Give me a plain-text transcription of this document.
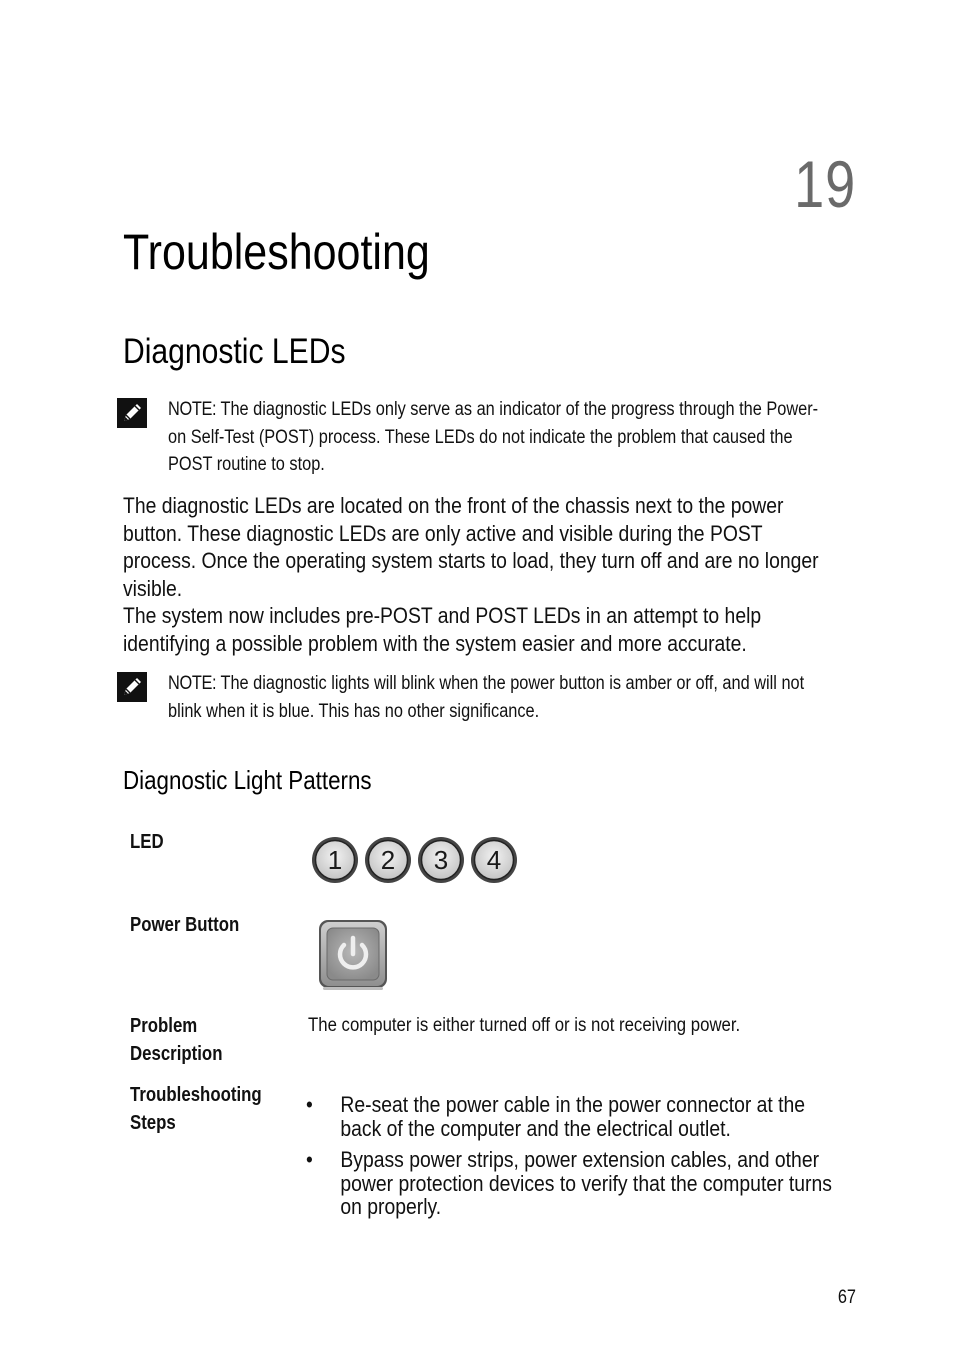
19
Troubleshooting
Diagnostic LEDs
NOTE: The diagnostic LEDs only serve as an indicator of the progress through the Power-on Self-Test (POST) process. These LEDs do not indicate the problem that caused the POST routine to stop.

The diagnostic LEDs are located on the front of the chassis next to the power button. These diagnostic LEDs are only active and visible during the POST process. Once the operating system starts to load, they turn off and are no longer visible.

The system now includes pre-POST and POST LEDs in an attempt to help identifying a possible problem with the system easier and more accurate.

NOTE: The diagnostic lights will blink when the power button is amber or off, and will not blink when it is blue. This has no other significance.
Diagnostic Light Patterns
LED
1 2 3 4
Power Button
Problem
Description
The computer is either turned off or is not receiving power.
Troubleshooting
Steps
• Re-seat the power cable in the power connector at the back of the computer and the electrical outlet.
• Bypass power strips, power extension cables, and other power protection devices to verify that the computer turns on properly.
67
